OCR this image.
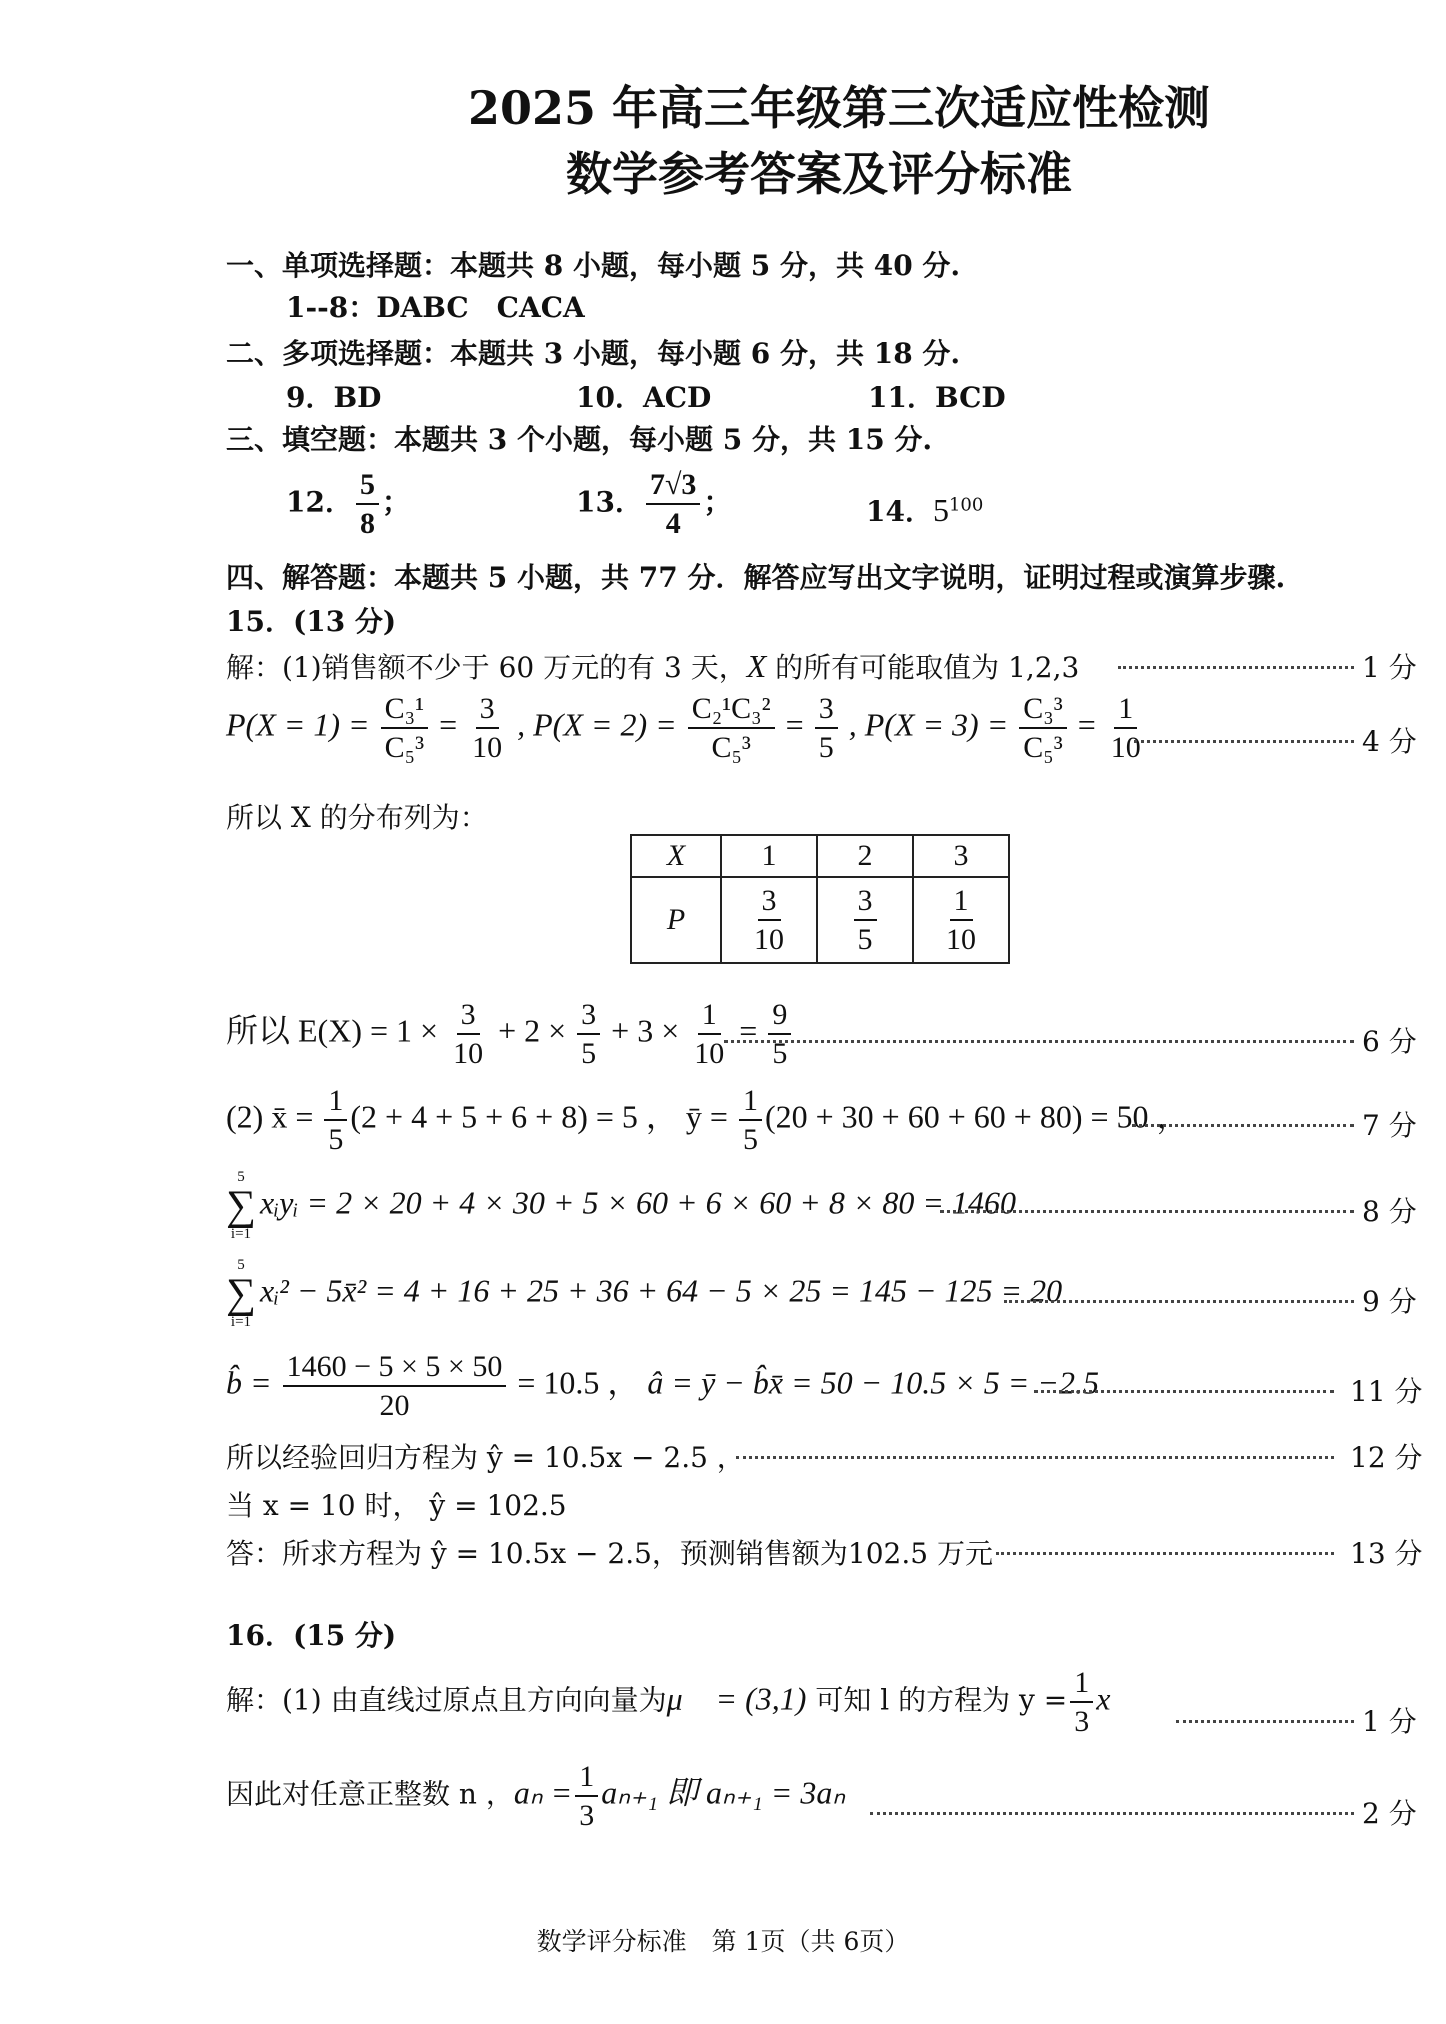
2025 年高三年级第三次适应性检测
数学参考答案及评分标准
一、单项选择题：本题共 8 小题，每小题 5 分，共 40 分.
1--8：DABC　CACA
二、多项选择题：本题共 3 小题，每小题 6 分，共 18 分.
9．BD	10．ACD	11．BCD
三、填空题：本题共 3 个小题，每小题 5 分，共 15 分.
12． $\frac{5}{8}$ ；	13． $\frac{7√3}{4}$ ；	14．$5^{100}$
四、解答题：本题共 5 小题，共 77 分．解答应写出文字说明，证明过程或演算步骤.
15．(13 分)
解：(1)销售额不少于 60 万元的有 3 天，X 的所有可能取值为 1,2,3	1 分
$P(X = 1) = \frac{\text{C₃¹}}{\text{C₅³}} = \frac{3}{10}$ , $P(X = 2) = \frac{\text{C₂¹C₃²}}{\text{C₅³}} = \frac{3}{5}$ , $P(X = 3) = \frac{\text{C₃³}}{\text{C₅³}} = \frac{1}{10}$	4 分
所以 X 的分布列为：
X	1	2	3
P	$\frac{3}{10}$	$\frac{3}{5}$	$\frac{1}{10}$
所以 $E(X) = 1 \times \frac{3}{10} + 2 \times \frac{3}{5} + 3 \times \frac{1}{10} = \frac{9}{5}$	6 分
(2) x̄ = $\frac{1}{5} (2 + 4 + 5 + 6 + 8) = 5$ ， ȳ = $\frac{1}{5} (20 + 30 + 60 + 60 + 80) = 50$ ，	7 分
5
∑
i=1
xᵢyᵢ = 2 × 20 + 4 × 30 + 5 × 60 + 6 × 60 + 8 × 80 = 1460	8 分
5
∑
i=1
xᵢ² − 5x̄² = 4 + 16 + 25 + 36 + 64 − 5 × 25 = 145 − 125 = 20	9 分
b̂ = $\frac{1460 - 5 \times 5 \times 50}{20} = 10.5$ ， â = ȳ − b̂x̄ = 50 − 10.5 × 5 = −2.5	11 分
所以经验回归方程为 ŷ = 10.5x − 2.5 ，	12 分
当 x = 10 时， ŷ = 102.5
答：所求方程为 ŷ = 10.5x − 2.5，预测销售额为102.5 万元	13 分
16．(15 分)
解：(1) 由直线过原点且方向向量为μ⃗ = (3,1) 可知 l 的方程为 $y = \frac{1}{3}$ x
1 分
因此对任意正整数 n ，$a_n = \frac{1}{3} a_{n+1}$ 即 aₙ₊₁ = 3aₙ
2 分
数学评分标准　第 1页（共 6页）
